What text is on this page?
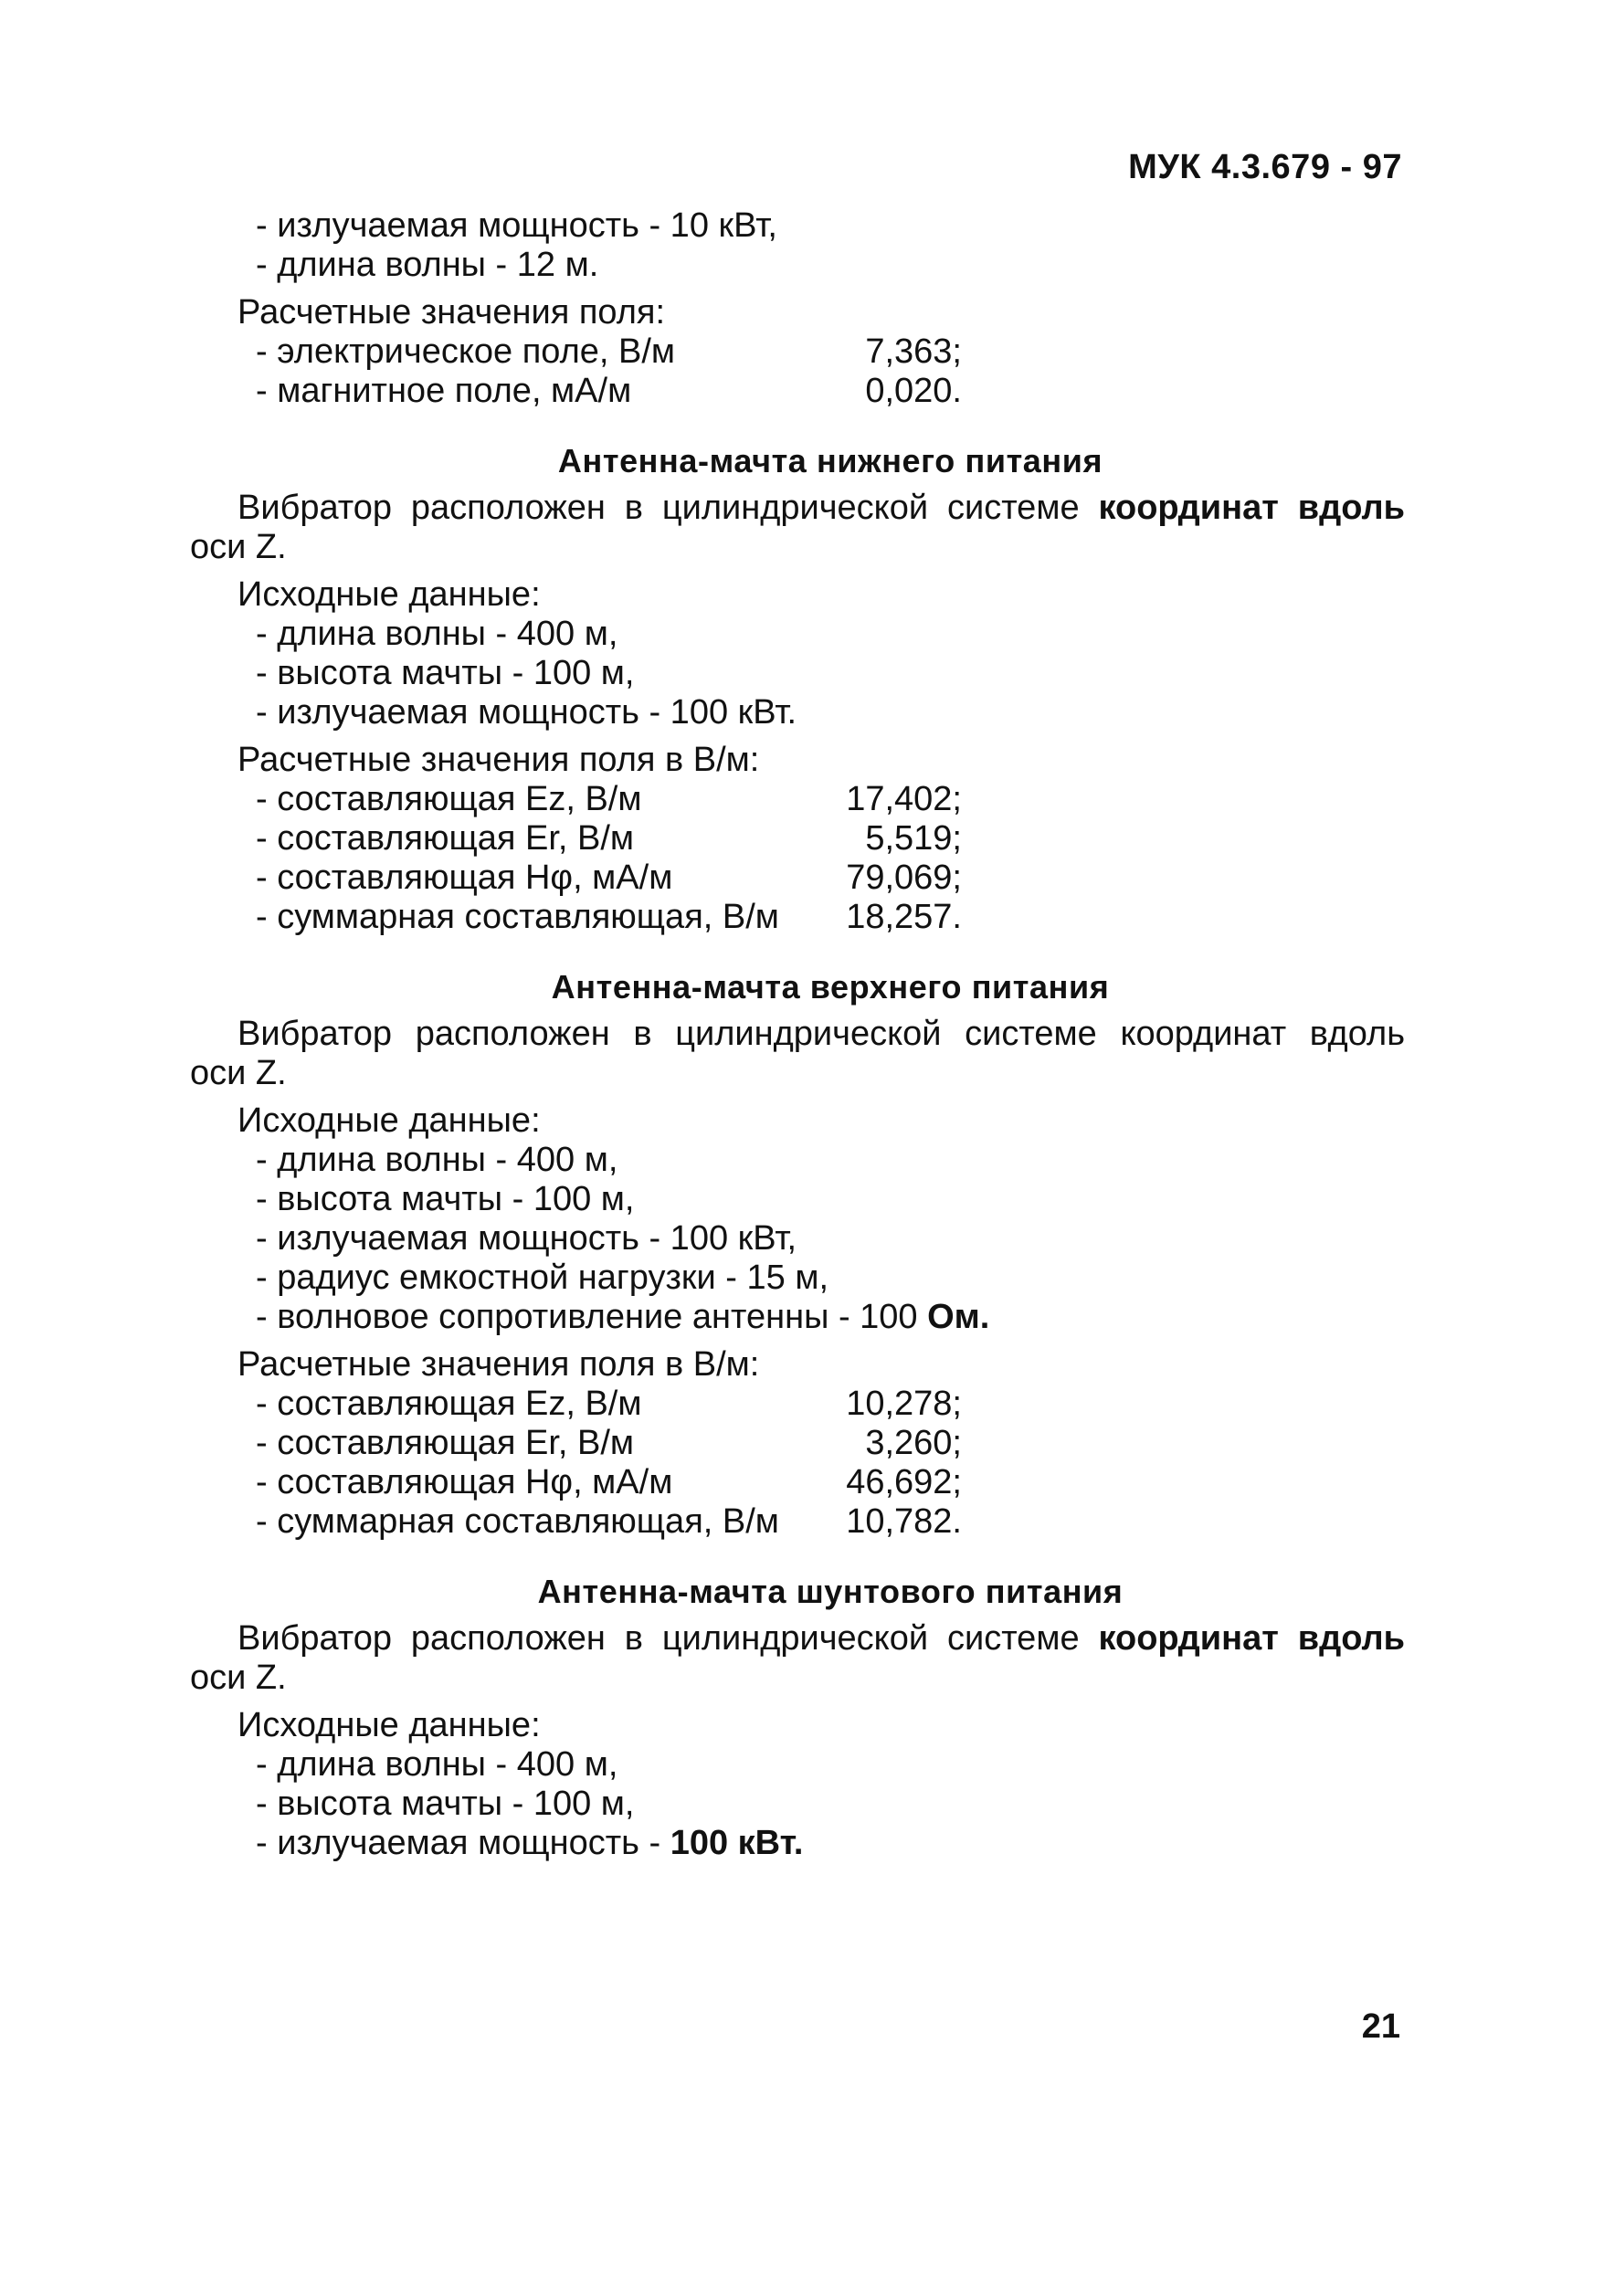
МУК 4.3.679 - 97
- излучаемая мощность - 10 кВт,
- длина волны - 12 м.
Расчетные значения поля:
- электрическое поле, В/м	7,363;
- магнитное поле, мА/м	0,020.
Антенна-мачта нижнего питания
Вибратор расположен в цилиндрической системе координат вдоль
оси Z.
Исходные данные:
- длина волны - 400 м,
- высота мачты - 100 м,
- излучаемая мощность - 100 кВт.
Расчетные значения поля в В/м:
- составляющая Ez, В/м	17,402;
- составляющая Er, В/м	5,519;
- составляющая Hφ, мА/м	79,069;
- суммарная составляющая, В/м	18,257.
Антенна-мачта верхнего питания
Вибратор расположен в цилиндрической системе координат вдоль
оси Z.
Исходные данные:
- длина волны - 400 м,
- высота мачты - 100 м,
- излучаемая мощность - 100 кВт,
- радиус емкостной нагрузки - 15 м,
- волновое сопротивление антенны - 100 Ом.
Расчетные значения поля в В/м:
- составляющая Ez, В/м	10,278;
- составляющая Er, В/м	3,260;
- составляющая Hφ, мА/м	46,692;
- суммарная составляющая, В/м	10,782.
Антенна-мачта шунтового питания
Вибратор расположен в цилиндрической системе координат вдоль
оси Z.
Исходные данные:
- длина волны - 400 м,
- высота мачты - 100 м,
- излучаемая мощность - 100 кВт.
21
